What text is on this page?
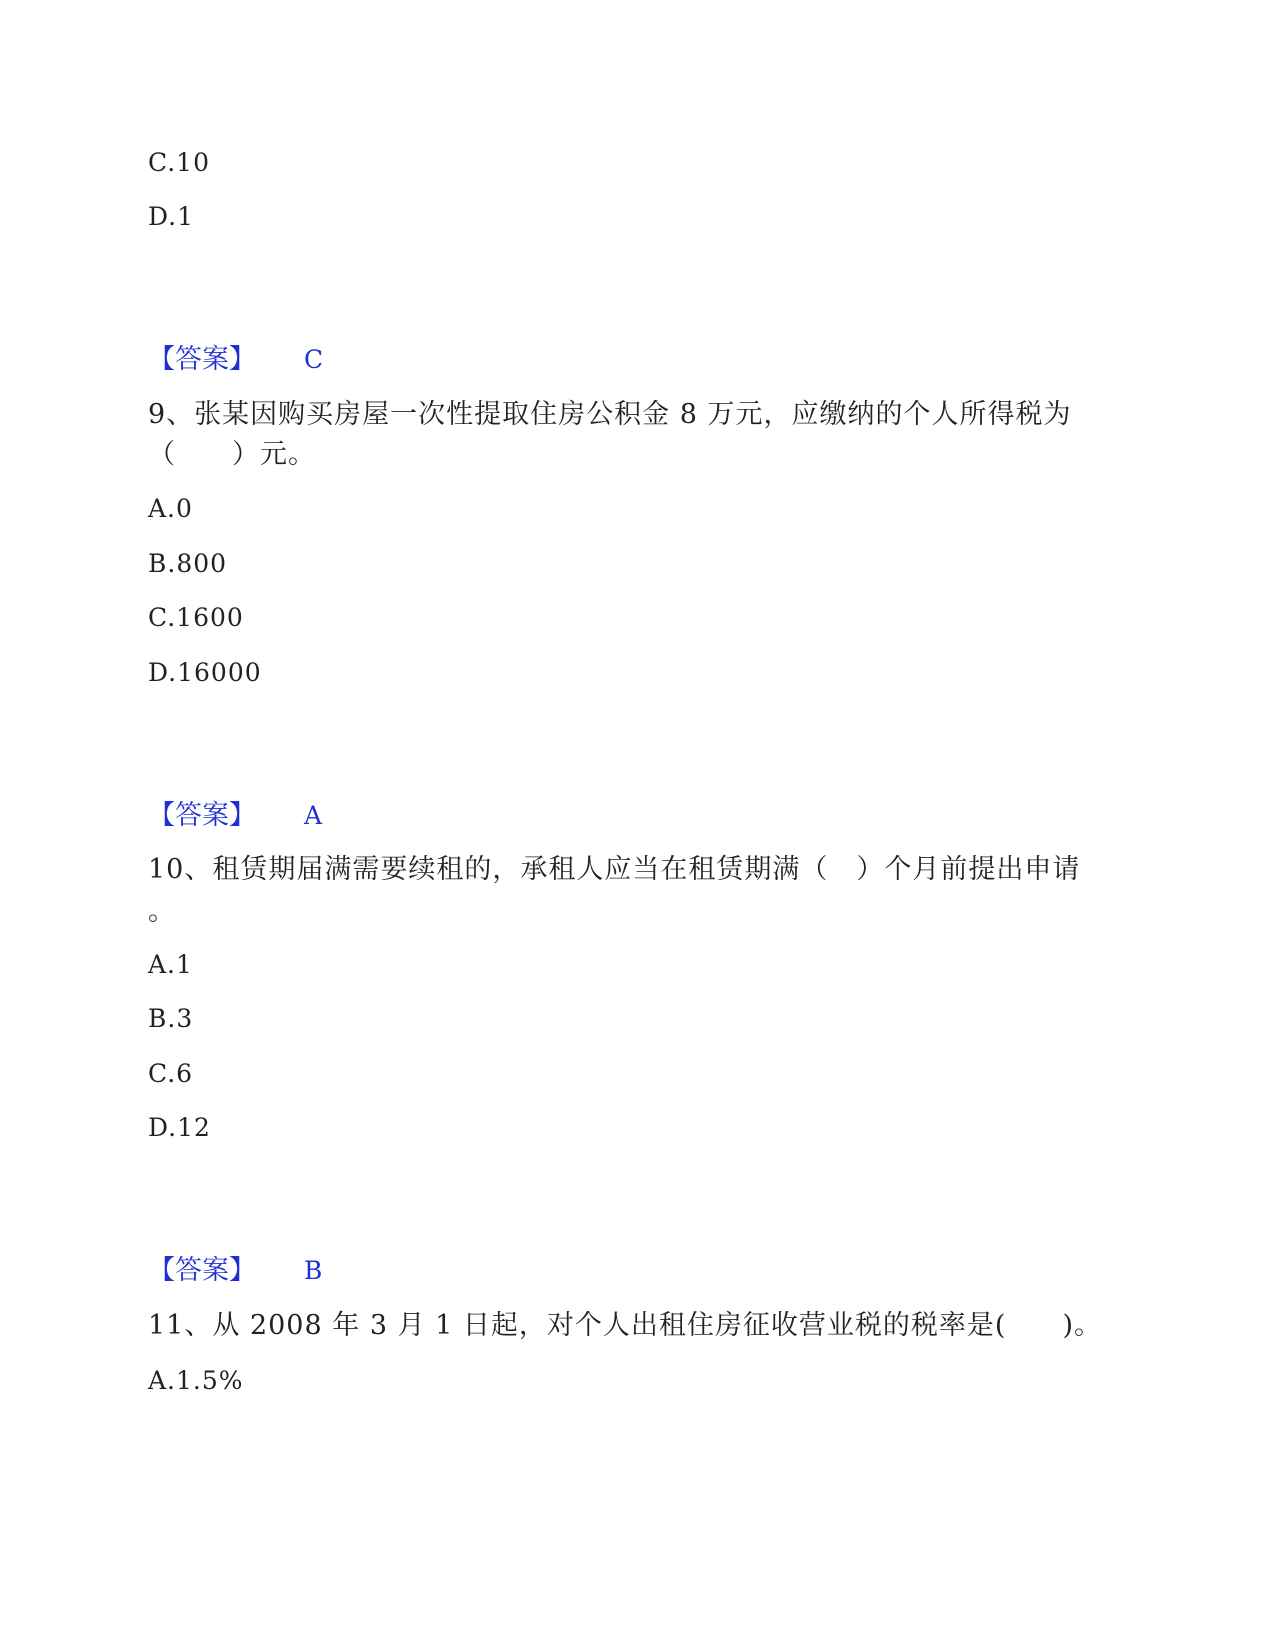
C.10
D.1
【答案】 C
9、张某因购买房屋一次性提取住房公积金 8 万元，应缴纳的个人所得税为
（　　）元。
A.0
B.800
C.1600
D.16000
【答案】 A
10、租赁期届满需要续租的，承租人应当在租赁期满（　）个月前提出申请
。
A.1
B.3
C.6
D.12
【答案】 B
11、从 2008 年 3 月 1 日起，对个人出租住房征收营业税的税率是(　　)。
A.1.5%
